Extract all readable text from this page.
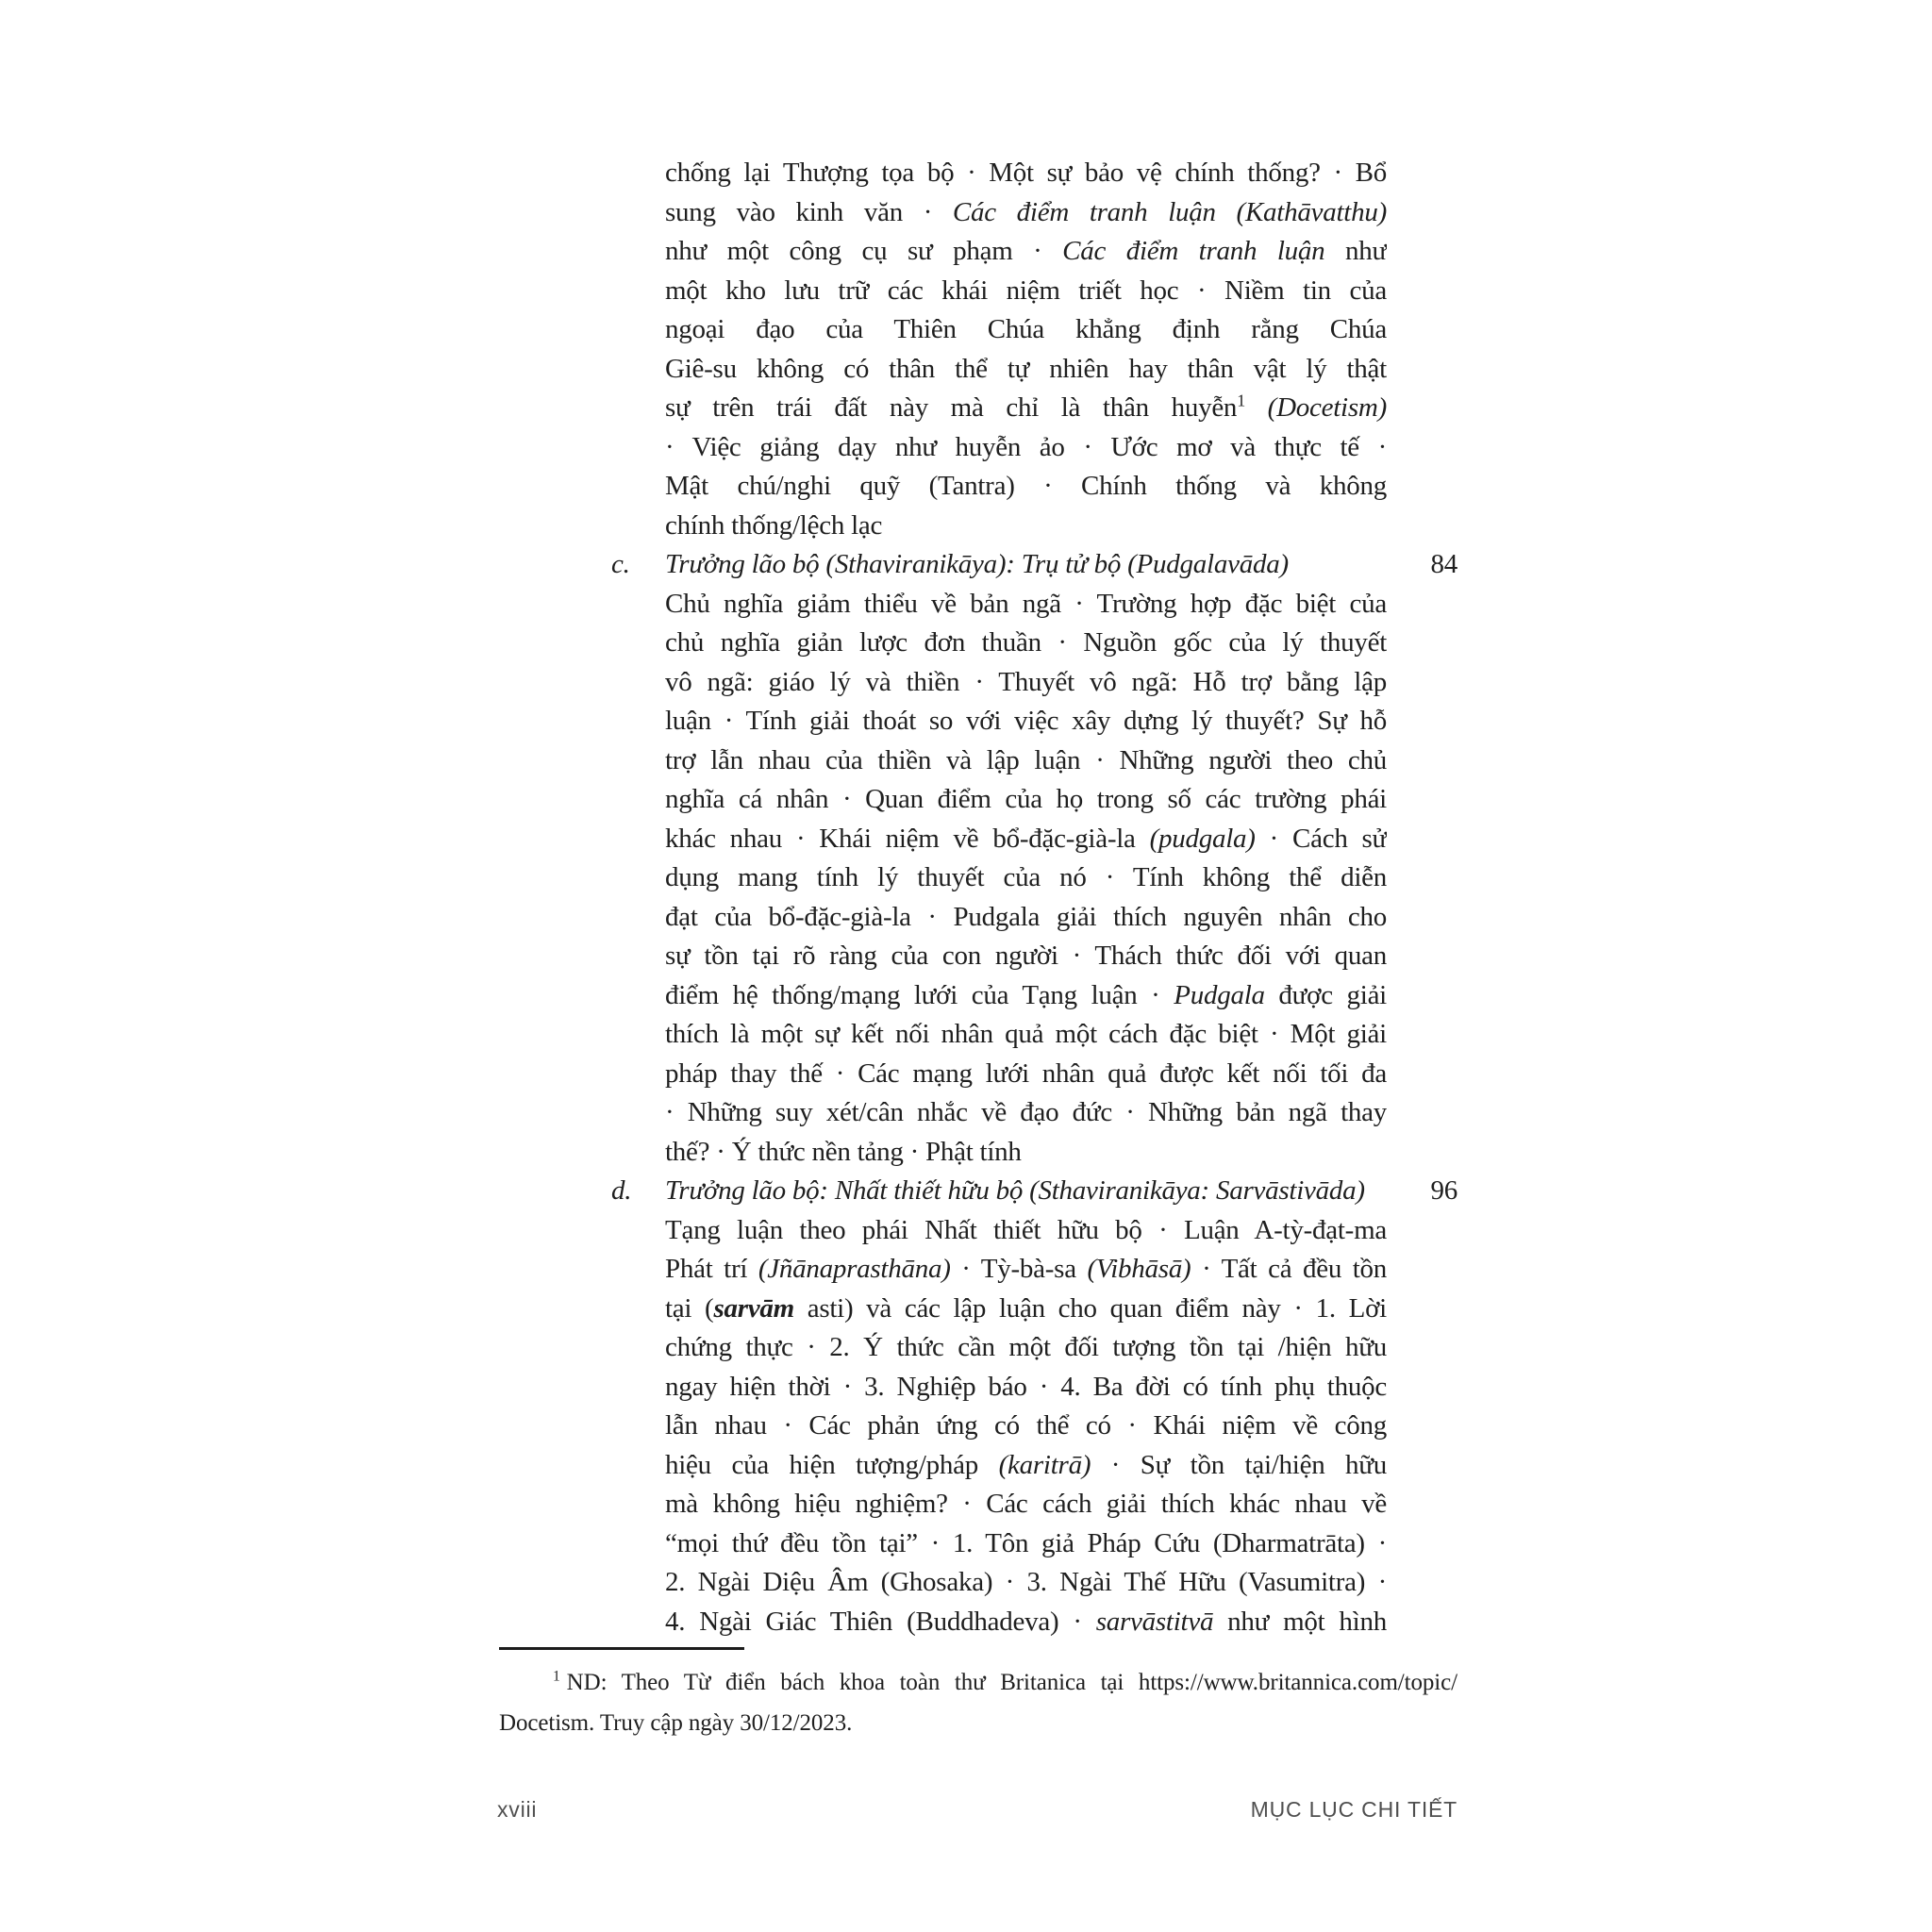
chống lại Thượng tọa bộ · Một sự bảo vệ chính thống? · Bổ
sung vào kinh văn · Các điểm tranh luận (Kathāvatthu)
như một công cụ sư phạm · Các điểm tranh luận như
một kho lưu trữ các khái niệm triết học · Niềm tin của
ngoại đạo của Thiên Chúa khẳng định rằng Chúa
Giê-su không có thân thể tự nhiên hay thân vật lý thật
sự trên trái đất này mà chỉ là thân huyễn$^1$ (Docetism)
· Việc giảng dạy như huyễn ảo · Ước mơ và thực tế ·
Mật chú/nghi quỹ (Tantra) · Chính thống và không
chính thống/lệch lạc
c.	Trưởng lão bộ (Sthaviranikāya): Trụ tử bộ (Pudgalavāda)	84
Chủ nghĩa giảm thiểu về bản ngã · Trường hợp đặc biệt của
chủ nghĩa giản lược đơn thuần · Nguồn gốc của lý thuyết
vô ngã: giáo lý và thiền · Thuyết vô ngã: Hỗ trợ bằng lập
luận · Tính giải thoát so với việc xây dựng lý thuyết? Sự hỗ
trợ lẫn nhau của thiền và lập luận · Những người theo chủ
nghĩa cá nhân · Quan điểm của họ trong số các trường phái
khác nhau · Khái niệm về bổ-đặc-già-la (pudgala) · Cách sử
dụng mang tính lý thuyết của nó · Tính không thể diễn
đạt của bổ-đặc-già-la · Pudgala giải thích nguyên nhân cho
sự tồn tại rõ ràng của con người · Thách thức đối với quan
điểm hệ thống/mạng lưới của Tạng luận · Pudgala được giải
thích là một sự kết nối nhân quả một cách đặc biệt · Một giải
pháp thay thế · Các mạng lưới nhân quả được kết nối tối đa
· Những suy xét/cân nhắc về đạo đức · Những bản ngã thay
thế? · Ý thức nền tảng · Phật tính
d.	Trưởng lão bộ: Nhất thiết hữu bộ (Sthaviranikāya: Sarvāstivāda)	96
Tạng luận theo phái Nhất thiết hữu bộ · Luận A-tỳ-đạt-ma
Phát trí (Jñānaprasthāna) · Tỳ-bà-sa (Vibhāsā) · Tất cả đều tồn
tại (sarvām asti) và các lập luận cho quan điểm này · 1. Lời
chứng thực · 2. Ý thức cần một đối tượng tồn tại /hiện hữu
ngay hiện thời · 3. Nghiệp báo · 4. Ba đời có tính phụ thuộc
lẫn nhau · Các phản ứng có thể có · Khái niệm về công
hiệu của hiện tượng/pháp (karitrā) · Sự tồn tại/hiện hữu
mà không hiệu nghiệm? · Các cách giải thích khác nhau về
“mọi thứ đều tồn tại” · 1. Tôn giả Pháp Cứu (Dharmatrāta) ·
2. Ngài Diệu Âm (Ghosaka) · 3. Ngài Thế Hữu (Vasumitra) ·
4. Ngài Giác Thiên (Buddhadeva) · sarvāstitvā như một hình
$^1$ ND: Theo Từ điển bách khoa toàn thư Britanica tại https://www.britannica.com/topic/
Docetism. Truy cập ngày 30/12/2023.
xviii	MỤC LỤC CHI TIẾT
